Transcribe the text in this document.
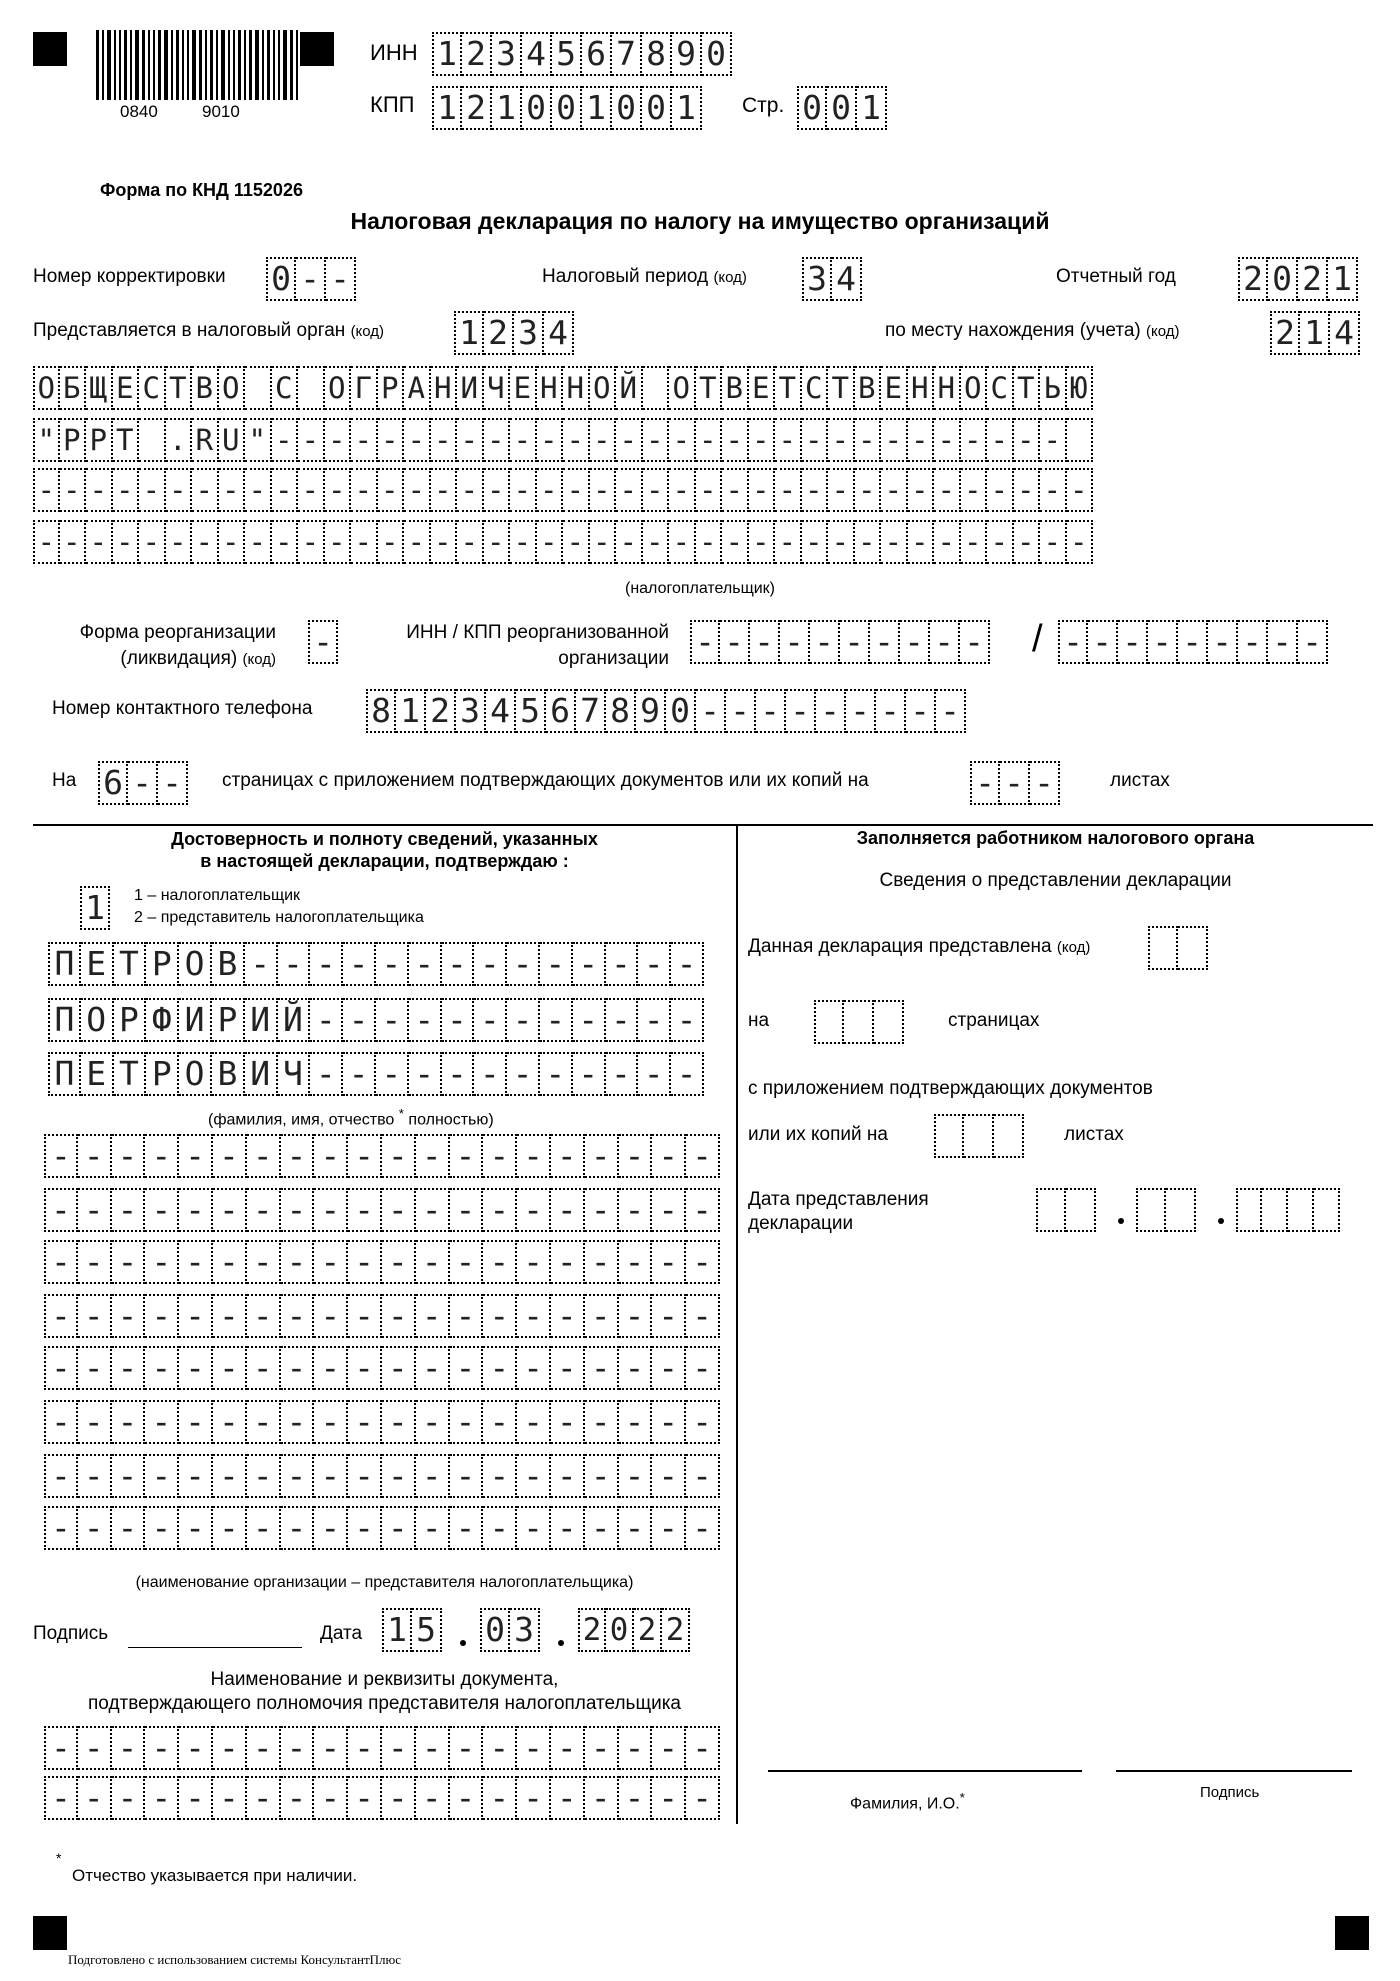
0840	9010
ИНН 1 2 3 4 5 6 7 8 9 0
КПП 1 2 1 0 0 1 0 0 1 Стр. 0 0 1
Форма по КНД 1152026
Налоговая декларация по налогу на имущество организаций
Номер корректировки 0 - -	Налоговый период (код) 3 4	Отчетный год 2 0 2 1
Представляется в налоговый орган (код) 1 2 3 4	по месту нахождения (учета) (код)	2 1 4
О Б Щ Е С Т В О С О Г Р А Н И Ч Е Н Н О Й О Т В Е Т С Т В Е Н Н О С Т Ь Ю
" P P T . R U " - - - - - - - - - - - - - - - - - - - - - - - - - - - - - -
- - - - - - - - - - - - - - - - - - - - - - - - - - - - - - - - - - - - - - - -
- - - - - - - - - - - - - - - - - - - - - - - - - - - - - - - - - - - - - - - -
(налогоплательщик)
Форма реорганизации
(ликвидация) (код) -	ИНН / КПП реорганизованной
организации - - - - - - - - - - / - - - - - - - - -
Номер контактного телефона 8 1 2 3 4 5 6 7 8 9 0 - - - - - - - - -
На 6 - -	страницах с приложением подтверждающих документов или их копий на	- - -	листах
Достоверность и полноту сведений, указанных
в настоящей декларации, подтверждаю :
1	1 – налогоплательщик
2 – представитель налогоплательщика
П Е Т Р О В - - - - - - - - - - - - - -
П О Р Ф И Р И Й - - - - - - - - - - - -
П Е Т Р О В И Ч - - - - - - - - - - - -
(фамилия, имя, отчество * полностью)
- - - - - - - - - - - - - - - - - - - -
- - - - - - - - - - - - - - - - - - - -
- - - - - - - - - - - - - - - - - - - -
- - - - - - - - - - - - - - - - - - - -
- - - - - - - - - - - - - - - - - - - -
- - - - - - - - - - - - - - - - - - - -
- - - - - - - - - - - - - - - - - - - -
- - - - - - - - - - - - - - - - - - - -
(наименование организации – представителя налогоплательщика)
Подпись	Дата 1 5 0 3 2 0 2 2
Наименование и реквизиты документа,
подтверждающего полномочия представителя налогоплательщика
- - - - - - - - - - - - - - - - - - - -
- - - - - - - - - - - - - - - - - - - -
Заполняется работником налогового органа
Сведения о представлении декларации
Данная декларация представлена (код)
на	страницах
с приложением подтверждающих документов
или их копий на	листах
Дата представления
декларации
Фамилия, И.О.*	Подпись
*
Отчество указывается при наличии.
Подготовлено с использованием системы КонсультантПлюс
